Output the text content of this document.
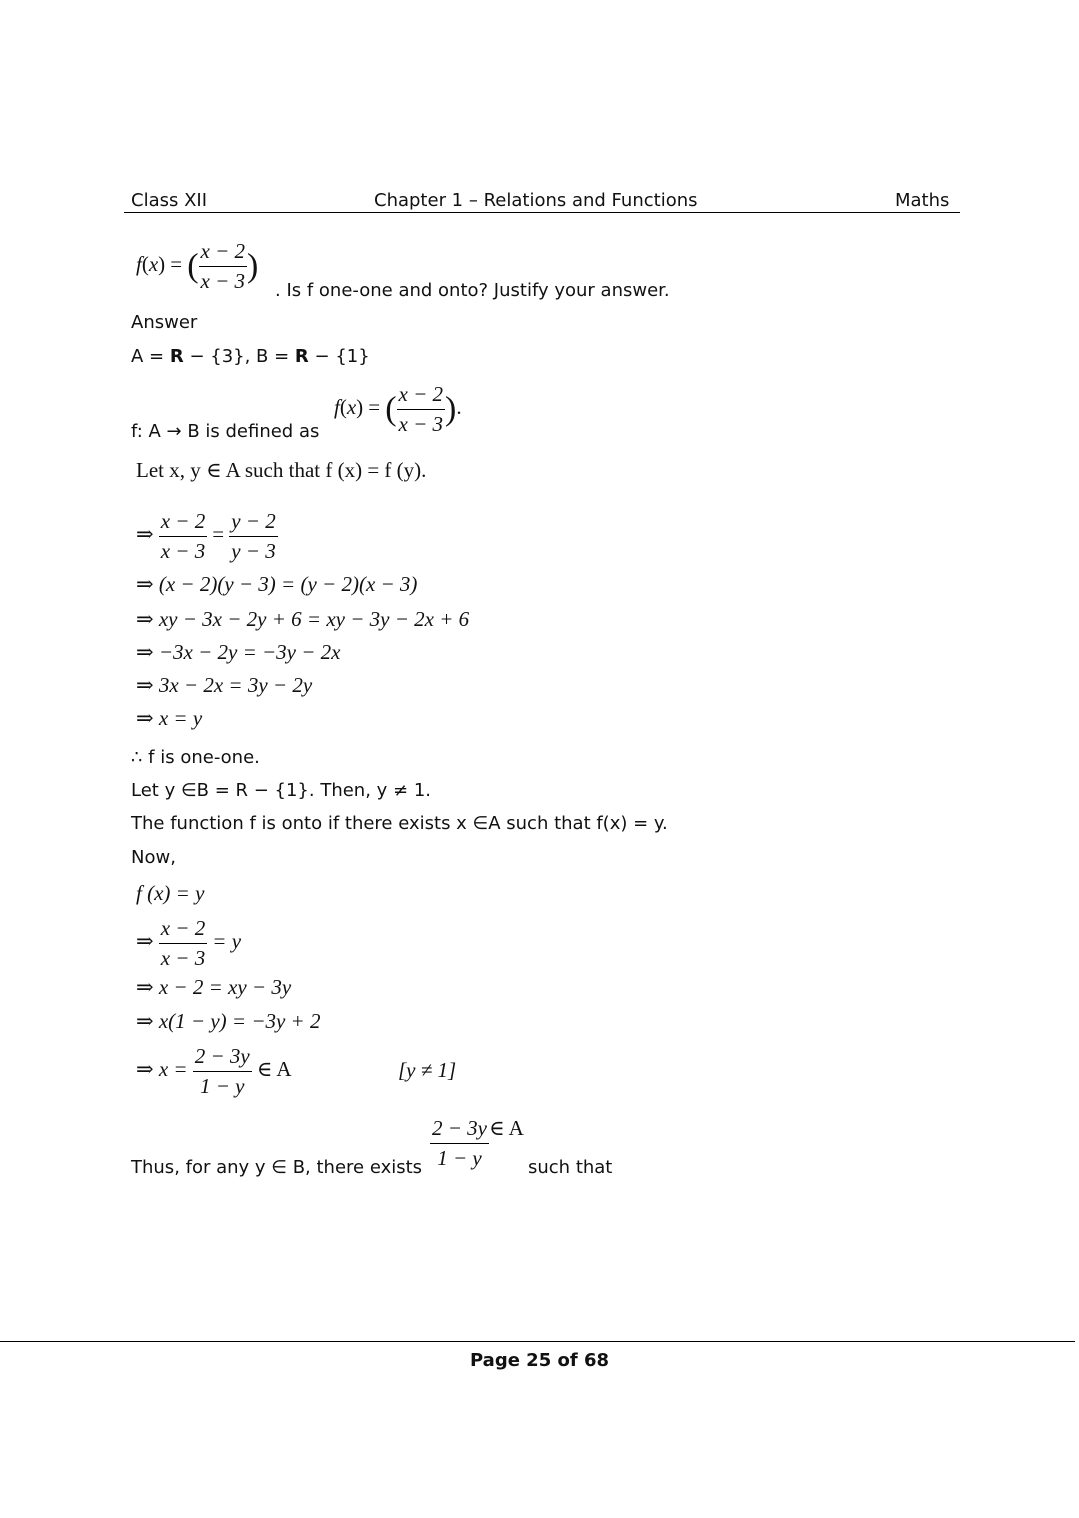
Class XII	Chapter 1 – Relations and Functions	Maths
f(x) = ( $\frac{x - 2}{x - 3}$ )
. Is f one-one and onto? Justify your answer.
Answer
A = R − {3}, B = R − {1}
f: A → B is defined as
f(x) = ( $\frac{x - 2}{x - 3}$ ).
Let x, y ∈ A such that f (x) = f (y).
⇒ $\frac{x - 2}{x - 3} = \frac{y - 2}{y - 3}$
⇒ (x − 2)(y − 3) = (y − 2)(x − 3)
⇒ xy − 3x − 2y + 6 = xy − 3y − 2x + 6
⇒ −3x − 2y = −3y − 2x
⇒ 3x − 2x = 3y − 2y
⇒ x = y
∴ f is one-one.
Let y ∈B = R − {1}. Then, y ≠ 1.
The function f is onto if there exists x ∈A such that f(x) = y.
Now,
f (x) = y
⇒ $\frac{x - 2}{x - 3} = y$
⇒ x − 2 = xy − 3y
⇒ x(1 − y) = −3y + 2
⇒ $x = \frac{2 - 3y}{1 - y}$ ∈ A	[y ≠ 1]
Thus, for any y ∈ B, there exists $\frac{2 - 3y}{1 - y}$ ∈ A
such that
Page 25 of 68
